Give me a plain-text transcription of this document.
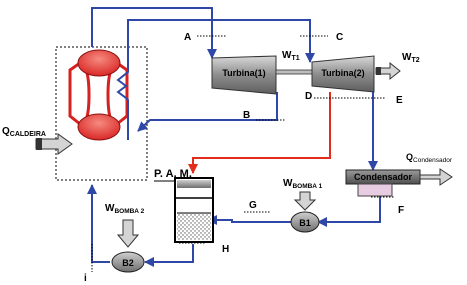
Turbina(1)	Turbina(2)
Condensador
B1
B2
$W_{T1}$	$W_{T2}$
$W_{BOMBA 1}$
$W_{BOMBA 2}$
$Q_{CALDEIRA}$
$Q_{Condensador}$
P. A. M.
A
B
C
D	E
F
G
H
i
